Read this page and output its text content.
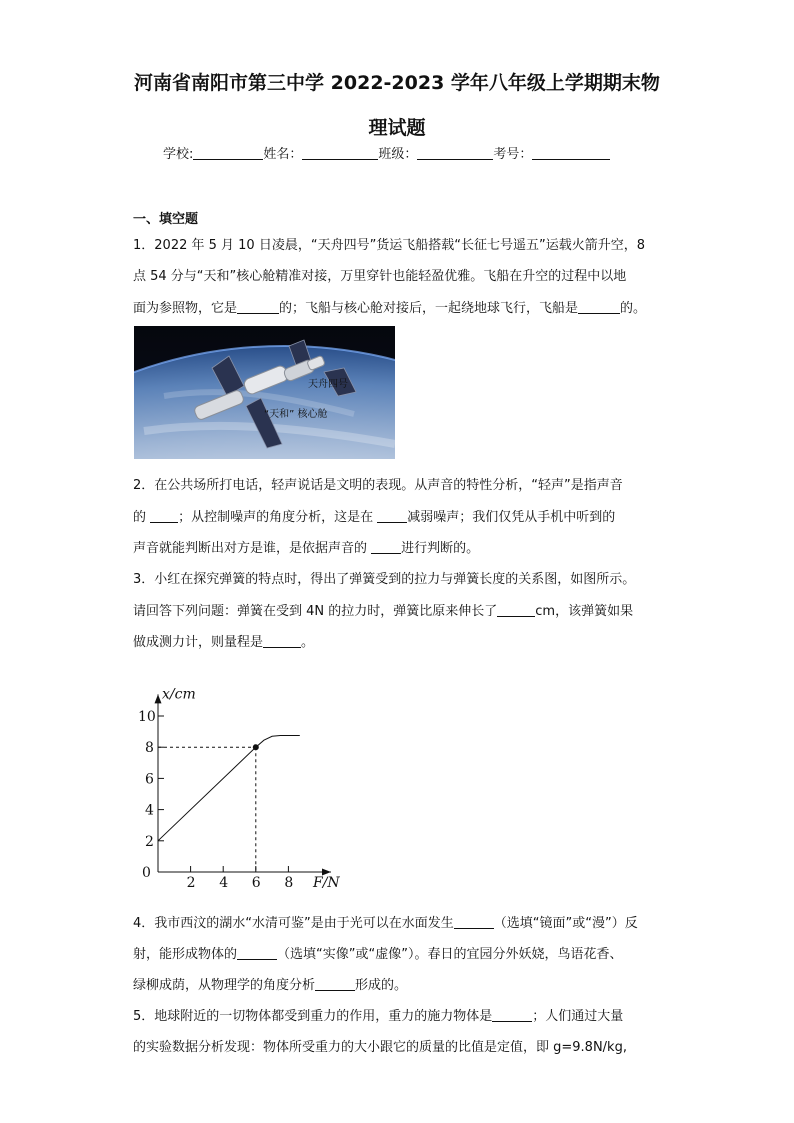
河南省南阳市第三中学 2022-2023 学年八年级上学期期末物
理试题
学校:	姓名：	班级：	考号：
一、填空题
1．2022 年 5 月 10 日凌晨，“天舟四号”货运飞船搭载“长征七号遥五”运载火箭升空，8
点 54 分与“天和”核心舱精准对接，万里穿针也能轻盈优雅。飞船在升空的过程中以地
面为参照物，它是	的；飞船与核心舱对接后，一起绕地球飞行，飞船是	的。
天舟四号
“天和” 核心舱
2．在公共场所打电话，轻声说话是文明的表现。从声音的特性分析，“轻声”是指声音
的 ；从控制噪声的角度分析，这是在 减弱噪声；我们仅凭从手机中听到的
声音就能判断出对方是谁，是依据声音的 进行判断的。
3．小红在探究弹簧的特点时，得出了弹簧受到的拉力与弹簧长度的关系图，如图所示。
请回答下列问题：弹簧在受到 4N 的拉力时，弹簧比原来伸长了	cm，该弹簧如果
做成测力计，则量程是	。
x/cm
F/N
0
2 4 6 8
2
4
6
8
10
4．我市西汶的湖水“水清可鉴”是由于光可以在水面发生	（选填“镜面”或“漫”）反
射，能形成物体的	（选填“实像”或“虚像”）。春日的宜园分外妖娆，鸟语花香、
绿柳成荫，从物理学的角度分析	形成的。
5．地球附近的一切物体都受到重力的作用，重力的施力物体是	；人们通过大量
的实验数据分析发现：物体所受重力的大小跟它的质量的比值是定值，即 g=9.8N/kg,
